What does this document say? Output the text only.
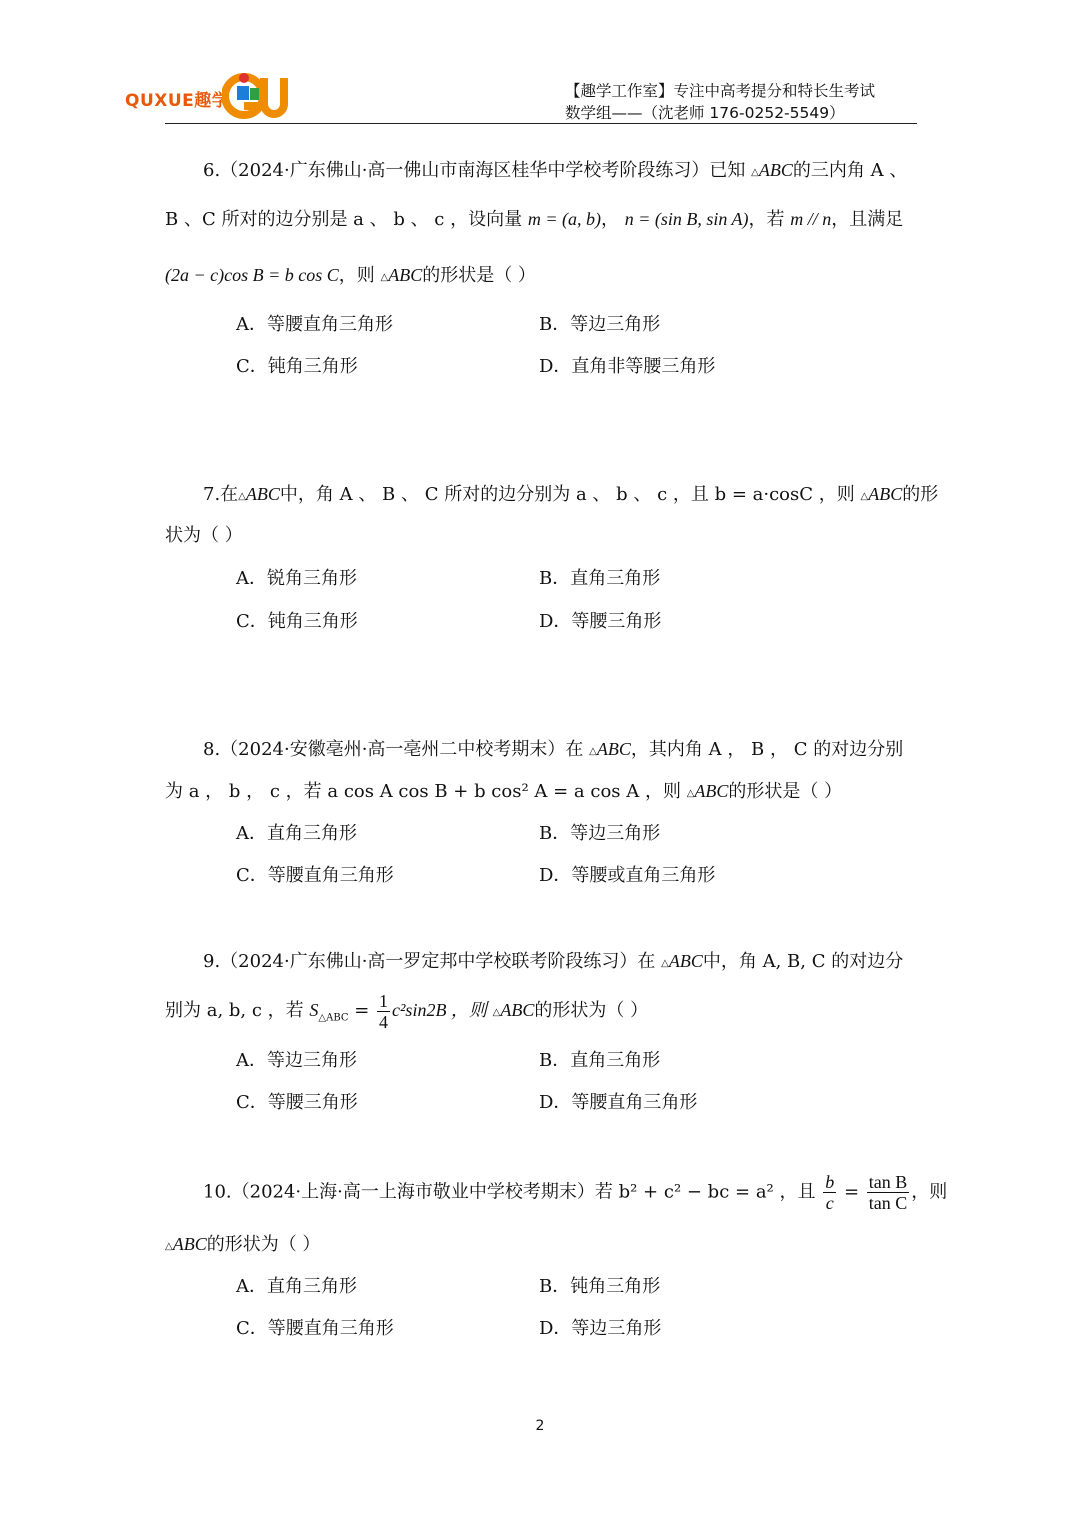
QUXUE趣学	【趣学工作室】专注中高考提分和特长生考试
数学组——（沈老师 176-0252-5549）
6.（2024·广东佛山·高一佛山市南海区桂华中学校考阶段练习）已知 △ABC的三内角 A 、
B 、C 所对的边分别是 a 、 b 、 c ，设向量 m = (a, b)， n = (sin B, sin A)，若 m // n，且满足
(2a − c)cos B = b cos C，则 △ABC的形状是（ ）
A．等腰直角三角形	B．等边三角形
C．钝角三角形	D．直角非等腰三角形
7.在△ABC中，角 A 、 B 、 C 所对的边分别为 a 、 b 、 c ，且 b = a·cosC ，则 △ABC的形
状为（ ）
A．锐角三角形	B．直角三角形
C．钝角三角形	D．等腰三角形
8.（2024·安徽亳州·高一亳州二中校考期末）在 △ABC，其内角 A ， B ， C 的对边分别
为 a ， b ， c ，若 a cos A cos B + b cos² A = a cos A ，则 △ABC的形状是（ ）
A．直角三角形	B．等边三角形
C．等腰直角三角形	D．等腰或直角三角形
9.（2024·广东佛山·高一罗定邦中学校联考阶段练习）在 △ABC中，角 A, B, C 的对边分
别为 a, b, c ，若 $S_{\triangle ABC} = \frac{1}{4} c^2\sin 2B$ ，则 △ABC的形状为（ ）
A．等边三角形	B．直角三角形
C．等腰三角形	D．等腰直角三角形
10.（2024·上海·高一上海市敬业中学校考期末）若 b² + c² − bc = a² ，且 $\frac{b}{c} = \frac{\text{tan B}}{\text{tan C}}$ ，则
△ABC的形状为（ ）
A．直角三角形	B．钝角三角形
C．等腰直角三角形	D．等边三角形
2
